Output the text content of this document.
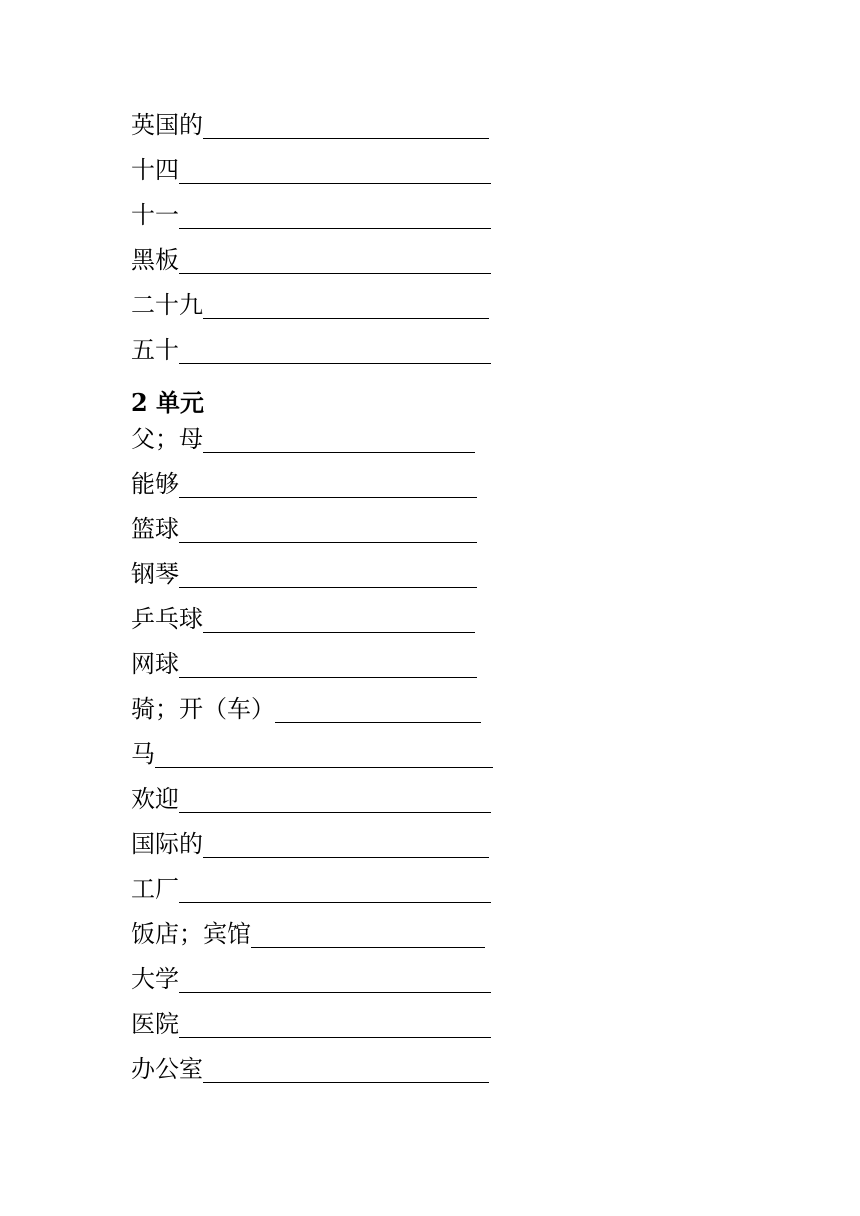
英国的
十四
十一
黑板
二十九
五十
2 单元
父；母
能够
篮球
钢琴
乒乓球
网球
骑；开（车）
马
欢迎
国际的
工厂
饭店；宾馆
大学
医院
办公室
